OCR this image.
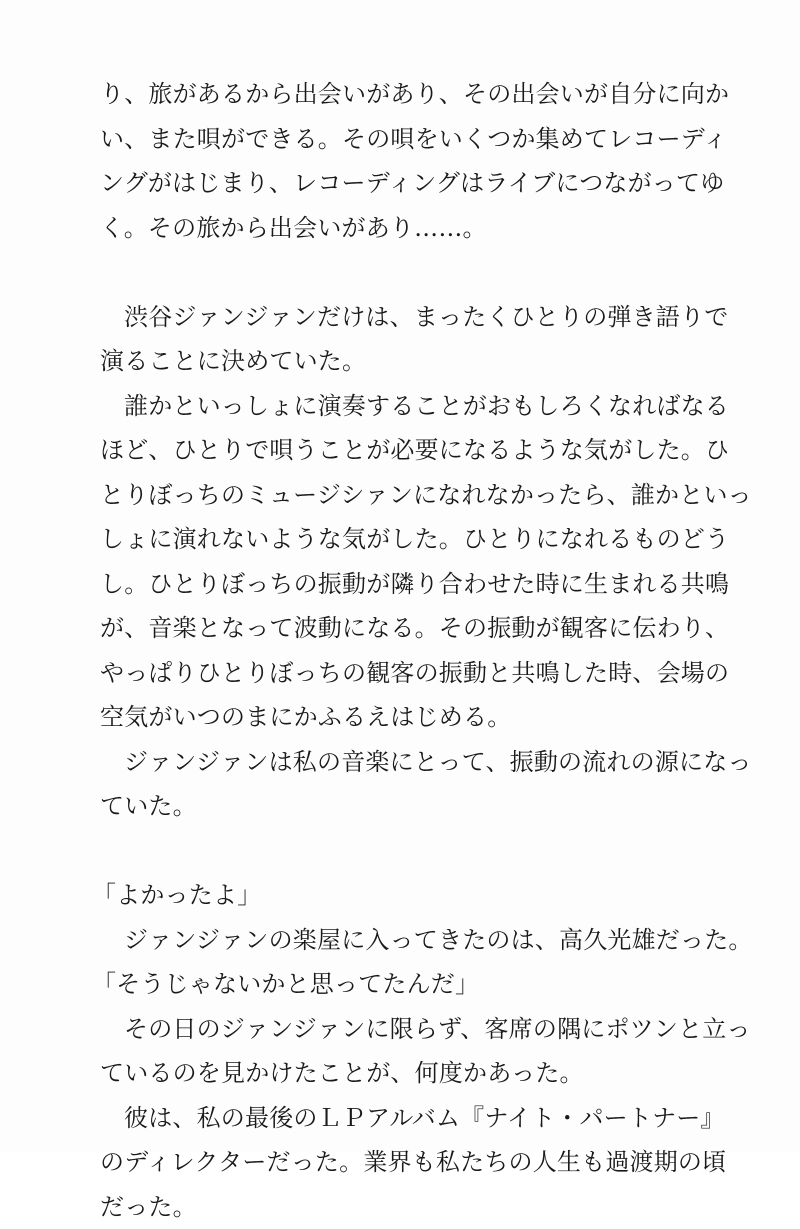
り、旅があるから出会いがあり、その出会いが自分に向か
い、また唄ができる。その唄をいくつか集めてレコーディ
ングがはじまり、レコーディングはライブにつながってゆ
く。その旅から出会いがあり……。
渋谷ジァンジァンだけは、まったくひとりの弾き語りで
演ることに決めていた。
誰かといっしょに演奏することがおもしろくなればなる
ほど、ひとりで唄うことが必要になるような気がした。ひ
とりぼっちのミュージシァンになれなかったら、誰かといっ
しょに演れないような気がした。ひとりになれるものどう
し。ひとりぼっちの振動が隣り合わせた時に生まれる共鳴
が、音楽となって波動になる。その振動が観客に伝わり、
やっぱりひとりぼっちの観客の振動と共鳴した時、会場の
空気がいつのまにかふるえはじめる。
ジァンジァンは私の音楽にとって、振動の流れの源になっ
ていた。
「よかったよ」
ジァンジァンの楽屋に入ってきたのは、高久光雄だった。
「そうじゃないかと思ってたんだ」
その日のジァンジァンに限らず、客席の隅にポツンと立っ
ているのを見かけたことが、何度かあった。
彼は、私の最後のＬＰアルバム『ナイト・パートナー』
のディレクターだった。業界も私たちの人生も過渡期の頃
だった。
